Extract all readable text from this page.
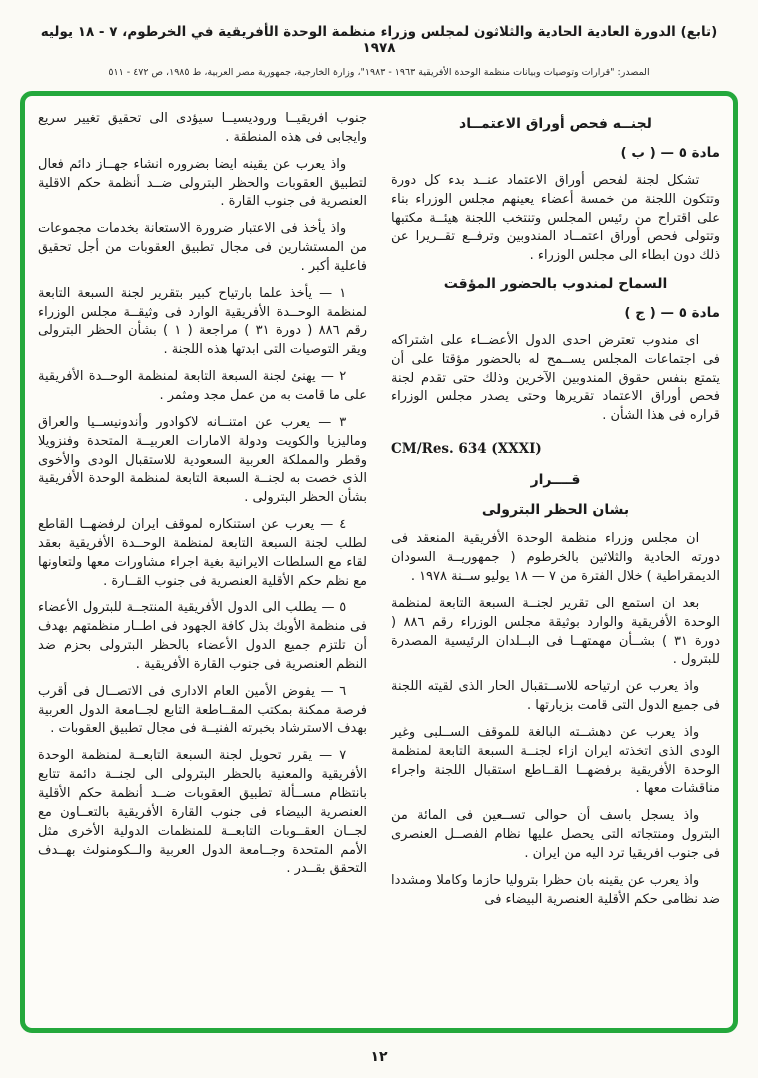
(تابع) الدورة العادية الحادية والثلاثون لمجلس وزراء منظمة الوحدة الأفريقية في الخرطوم، ٧ - ١٨ يوليه ١٩٧٨
المصدر: "قرارات وتوصيات وبيانات منظمة الوحدة الأفريقية ١٩٦٣ - ١٩٨٣"، وزارة الخارجية، جمهورية مصر العربية، ط ١٩٨٥، ص ٤٧٢ - ٥١١
لجنــه فحص أوراق الاعتمــاد
مادة ٥ — ( ب )

تشكل لجنة لفحص أوراق الاعتماد عنــد بدء كل دورة وتتكون اللجنة من خمسة أعضاء يعينهم مجلس الوزراء بناء على اقتراح من رئيس المجلس وتنتخب اللجنة هيئــة مكتبها وتتولى فحص أوراق اعتمــاد المندوبين وترفــع تقــريرا عن ذلك دون ابطاء الى مجلس الوزراء .

السماح لمندوب بالحضور المؤقت
مادة ٥ — ( ج )

اى مندوب تعترض احدى الدول الأعضــاء على اشتراكه فى اجتماعات المجلس يســمح له بالحضور مؤقتا على أن يتمتع بنفس حقوق المندوبين الآخرين وذلك حتى تقدم لجنة فحص أوراق الاعتماد تقريرها وحتى يصدر مجلس الوزراء قراره فى هذا الشأن .

CM/Res. 634 (XXXI)
قــــرار
بشان الحظر البترولى

ان مجلس وزراء منظمة الوحدة الأفريقية المنعقد فى دورته الحادية والثلاثين بالخرطوم ( جمهوريــة السودان الديمقراطية ) خلال الفترة من ٧ — ١٨ يوليو ســنة ١٩٧٨ .

بعد ان استمع الى تقرير لجنــة السبعة التابعة لمنظمة الوحدة الأفريقية والوارد بوثيقة مجلس الوزراء رقم ٨٨٦ ( دورة ٣١ ) بشــأن مهمتهــا فى البــلدان الرئيسية المصدرة للبترول .

واذ يعرب عن ارتياحه للاســتقبال الحار الذى لقيته اللجنة فى جميع الدول التى قامت بزيارتها .

واذ يعرب عن دهشــته البالغة للموقف الســلبى وغير الودى الذى اتخذته ايران ازاء لجنــة السبعة التابعة لمنظمة الوحدة الأفريقية برفضهــا القــاطع استقبال اللجنة واجراء مناقشات معها .

واذ يسجل باسف أن حوالى تســعين فى المائة من البترول ومنتجاته التى يحصل عليها نظام الفصــل العنصرى فى جنوب افريقيا ترد اليه من ايران .

واذ يعرب عن يقينه بان حظرا بتروليا حازما وكاملا ومشددا ضد نظامى حكم الأقلية العنصرية البيضاء فى

جنوب افريقيــا وروديسيــا سيؤدى الى تحقيق تغيير سريع وايجابى فى هذه المنطقة .

واذ يعرب عن يقينه ايضا بضروره انشاء جهــاز دائم فعال لتطبيق العقوبات والحظر البترولى ضــد أنظمة حكم الاقلية العنصرية فى جنوب القارة .

واذ يأخذ فى الاعتبار ضرورة الاستعانة بخدمات مجموعات من المستشارين فى مجال تطبيق العقوبات من أجل تحقيق فاعلية أكبر .

١ — يأخذ علما بارتياح كبير بتقرير لجنة السبعة التابعة لمنظمة الوحــدة الأفريقية الوارد فى وثيقــة مجلس الوزراء رقم ٨٨٦ ( دورة ٣١ ) مراجعة ( ١ ) بشأن الحظر البترولى ويقر التوصيات التى ابدتها هذه اللجنة .

٢ — يهنئ لجنة السبعة التابعة لمنظمة الوحــدة الأفريقية على ما قامت به من عمل مجد ومثمر .

٣ — يعرب عن امتنــانه لاكوادور وأندونيســيا والعراق وماليزيا والكويت ودولة الامارات العربيــة المتحدة وفنزويلا وقطر والمملكة العربية السعودية للاستقبال الودى والأخوى الذى خصت به لجنــة السبعة التابعة لمنظمة الوحدة الأفريقية بشأن الحظر البترولى .

٤ — يعرب عن استنكاره لموقف ايران لرفضهــا القاطع لطلب لجنة السبعة التابعة لمنظمة الوحــدة الأفريقية بعقد لقاء مع السلطات الايرانية بغية اجراء مشاورات معها ولتعاونها مع نظم حكم الأقلية العنصرية فى جنوب القــارة .

٥ — يطلب الى الدول الأفريقية المنتجــة للبترول الأعضاء فى منظمة الأوبك بذل كافة الجهود فى اطــار منظمتهم بهدف أن تلتزم جميع الدول الأعضاء بالحظر البترولى بحزم ضد النظم العنصرية فى جنوب القارة الأفريقية .

٦ — يفوض الأمين العام الادارى فى الاتصــال فى أقرب فرصة ممكنة بمكتب المقــاطعة التابع لجــامعة الدول العربية بهدف الاسترشاد بخبرته الفنيــة فى مجال تطبيق العقوبات .

٧ — يقرر تحويل لجنة السبعة التابعــة لمنظمة الوحدة الأفريقية والمعنية بالحظر البترولى الى لجنــة دائمة تتابع بانتظام مســألة تطبيق العقوبات ضــد أنظمة حكم الأقلية العنصرية البيضاء فى جنوب القارة الأفريقية بالتعــاون مع لجــان العقــوبات التابعــة للمنظمات الدولية الأخرى مثل الأمم المتحدة وجــامعة الدول العربية والــكومنولث بهــدف التحقق بقــدر .

١٢
